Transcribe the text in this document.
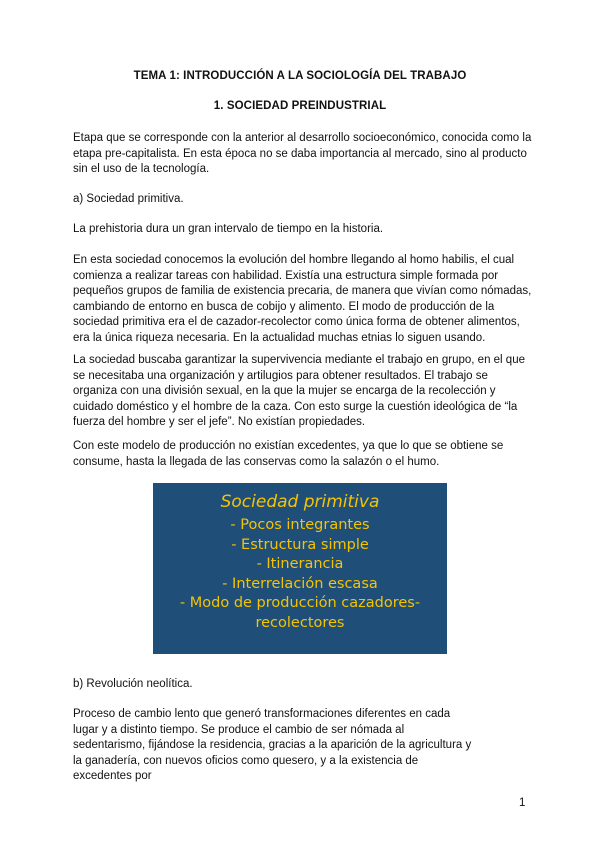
TEMA 1: INTRODUCCIÓN A LA SOCIOLOGÍA DEL TRABAJO
1. SOCIEDAD PREINDUSTRIAL

Etapa que se corresponde con la anterior al desarrollo socioeconómico, conocida como la etapa pre-capitalista. En esta época no se daba importancia al mercado, sino al producto sin el uso de la tecnología.

a) Sociedad primitiva.

La prehistoria dura un gran intervalo de tiempo en la historia.

En esta sociedad conocemos la evolución del hombre llegando al homo habilis, el cual comienza a realizar tareas con habilidad. Existía una estructura simple formada por pequeños grupos de familia de existencia precaria, de manera que vivían como nómadas, cambiando de entorno en busca de cobijo y alimento. El modo de producción de la sociedad primitiva era el de cazador-recolector como única forma de obtener alimentos, era la única riqueza necesaria. En la actualidad muchas etnias lo siguen usando.

La sociedad buscaba garantizar la supervivencia mediante el trabajo en grupo, en el que se necesitaba una organización y artilugios para obtener resultados. El trabajo se organiza con una división sexual, en la que la mujer se encarga de la recolección y cuidado doméstico y el hombre de la caza. Con esto surge la cuestión ideológica de “la fuerza del hombre y ser el jefe”. No existían propiedades.

Con este modelo de producción no existían excedentes, ya que lo que se obtiene se consume, hasta la llegada de las conservas como la salazón o el humo.

Sociedad primitiva
- Pocos integrantes
- Estructura simple
- Itinerancia
- Interrelación escasa
- Modo de producción cazadores-
recolectores

b) Revolución neolítica.

Proceso de cambio lento que generó transformaciones diferentes en cada lugar y a distinto tiempo. Se produce el cambio de ser nómada al sedentarismo, fijándose la residencia, gracias a la aparición de la agricultura y la ganadería, con nuevos oficios como quesero, y a la existencia de excedentes por

1
